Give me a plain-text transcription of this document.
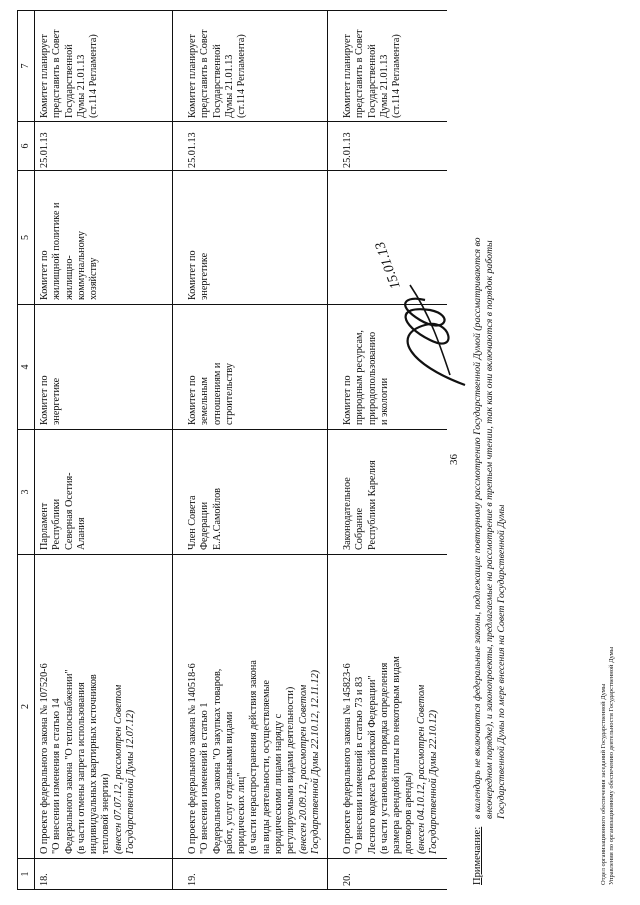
36
1
2
3
4
5
6
7
18.
О проекте федерального закона № 107520-6 "О внесении изменения в статью 14 Федерального закона "О теплоснабжении" (в части отмены запрета использования индивидуальных квартирных источников тепловой энергии) (внесен 07.07.12, рассмотрен Советом Государственной Думы 12.07.12)
Парламент Республики Северная Осетия- Алания
Комитет по энергетике
Комитет по жилищной политике и жилищно- коммунальному хозяйству
25.01.13
Комитет планирует представить в Совет Государственной Думы 21.01.13 (ст.114 Регламента)
19.
О проекте федерального закона № 140518-6 "О внесении изменений в статью 1 Федерального закона "О закупках товаров, работ, услуг отдельными видами юридических лиц" (в части нераспространения действия закона на виды деятельности, осуществляемые юридическими лицами наряду с регулируемыми видами деятельности) (внесен 20.09.12, рассмотрен Советом Государственной Думы 22.10.12, 12.11.12)
Член Совета Федерации Е.А.Самойлов
Комитет по земельным отношениям и строительству
Комитет по энергетике
25.01.13
Комитет планирует представить в Совет Государственной Думы 21.01.13 (ст.114 Регламента)
20.
О проекте федерального закона № 145823-6 "О внесении изменений в статью 73 и 83 Лесного кодекса Российской Федерации" (в части установления порядка определения размера арендной платы по некоторым видам договоров аренды) (внесен 04.10.12, рассмотрен Советом Государственной Думы 22.10.12)
Законодательное Собрание Республики Карелия
Комитет по природным ресурсам, природопользованию и экологии
25.01.13
Комитет планирует представить в Совет Государственной Думы 21.01.13 (ст.114 Регламента)
15.01.13
Примечание:
в календарь не включаются федеральные законы, подлежащие повторному рассмотрению Государственной Думой (рассматриваются во внеочередном порядке), и законопроекты, предлагаемые на рассмотрение в третьем чтении, так как они включаются в порядок работы Государственной Думы по мере внесения на Совет Государственной Думы	Отдел организационного обеспечения заседаний Государственной Думы Управления по организационному обеспечению деятельности Государственной Думы
